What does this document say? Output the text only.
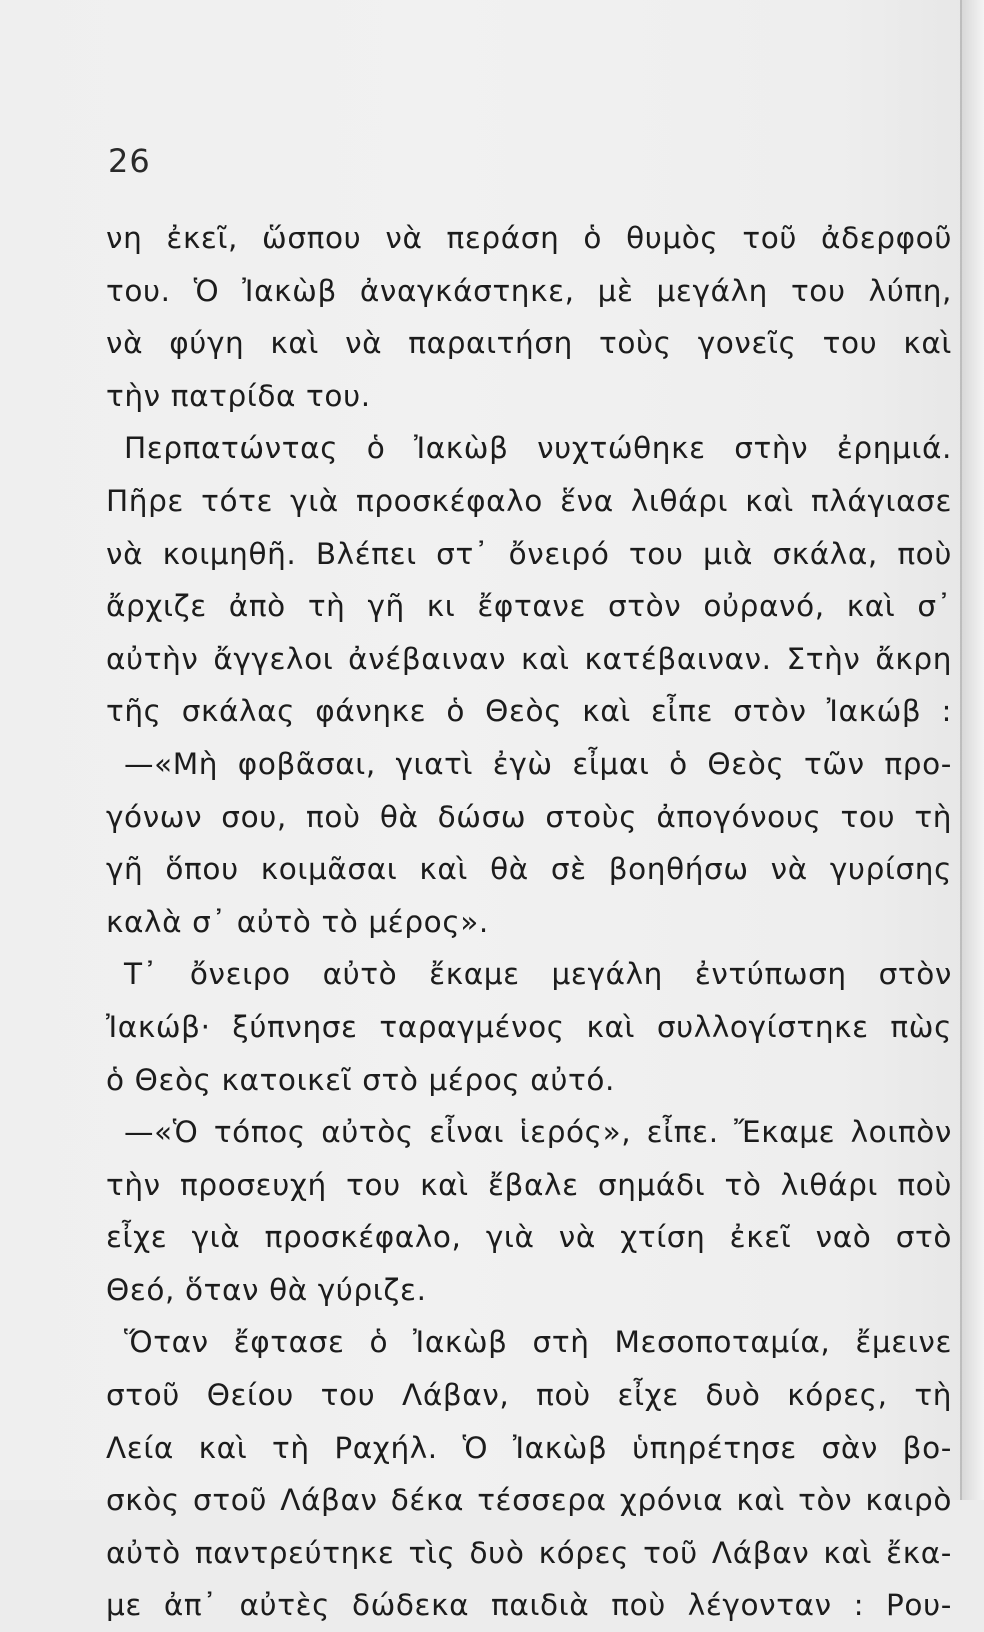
26
νη ἐκεῖ, ὥσπου νὰ περάση ὁ θυμὸς τοῦ ἀδερφοῦ
του. Ὁ Ἰακὼβ ἀναγκάστηκε, μὲ μεγάλη του λύπη,
νὰ φύγη καὶ νὰ παραιτήση τοὺς γονεῖς του καὶ
τὴν πατρίδα του.
Περπατώντας ὁ Ἰακὼβ νυχτώθηκε στὴν ἐρημιά.
Πῆρε τότε γιὰ προσκέφαλο ἕνα λιθάρι καὶ πλάγιασε
νὰ κοιμηθῆ. Βλέπει στ᾽ ὄνειρό του μιὰ σκάλα, ποὺ
ἄρχιζε ἀπὸ τὴ γῆ κι ἔφτανε στὸν οὐρανό, καὶ σ᾽
αὐτὴν ἄγγελοι ἀνέβαιναν καὶ κατέβαιναν. Στὴν ἄκρη
τῆς σκάλας φάνηκε ὁ Θεὸς καὶ εἶπε στὸν Ἰακώβ :
—«Μὴ φοβᾶσαι, γιατὶ ἐγὼ εἶμαι ὁ Θεὸς τῶν προ-
γόνων σου, ποὺ θὰ δώσω στοὺς ἀπογόνους του τὴ
γῆ ὅπου κοιμᾶσαι καὶ θὰ σὲ βοηθήσω νὰ γυρίσης
καλὰ σ᾽ αὐτὸ τὸ μέρος».
Τ᾽ ὄνειρο αὐτὸ ἔκαμε μεγάλη ἐντύπωση στὸν
Ἰακώβ· ξύπνησε ταραγμένος καὶ συλλογίστηκε πὼς
ὁ Θεὸς κατοικεῖ στὸ μέρος αὐτό.
—«Ὁ τόπος αὐτὸς εἶναι ἱερός», εἶπε. Ἔκαμε λοιπὸν
τὴν προσευχή του καὶ ἔβαλε σημάδι τὸ λιθάρι ποὺ
εἶχε γιὰ προσκέφαλο, γιὰ νὰ χτίση ἐκεῖ ναὸ στὸ
Θεό, ὅταν θὰ γύριζε.
Ὅταν ἔφτασε ὁ Ἰακὼβ στὴ Μεσοποταμία, ἔμεινε
στοῦ Θείου του Λάβαν, ποὺ εἶχε δυὸ κόρες, τὴ
Λεία καὶ τὴ Ραχήλ. Ὁ Ἰακὼβ ὑπηρέτησε σὰν βο-
σκὸς στοῦ Λάβαν δέκα τέσσερα χρόνια καὶ τὸν καιρὸ
αὐτὸ παντρεύτηκε τὶς δυὸ κόρες τοῦ Λάβαν καὶ ἔκα-
με ἀπ᾽ αὐτὲς δώδεκα παιδιὰ ποὺ λέγονταν : Ρου-
